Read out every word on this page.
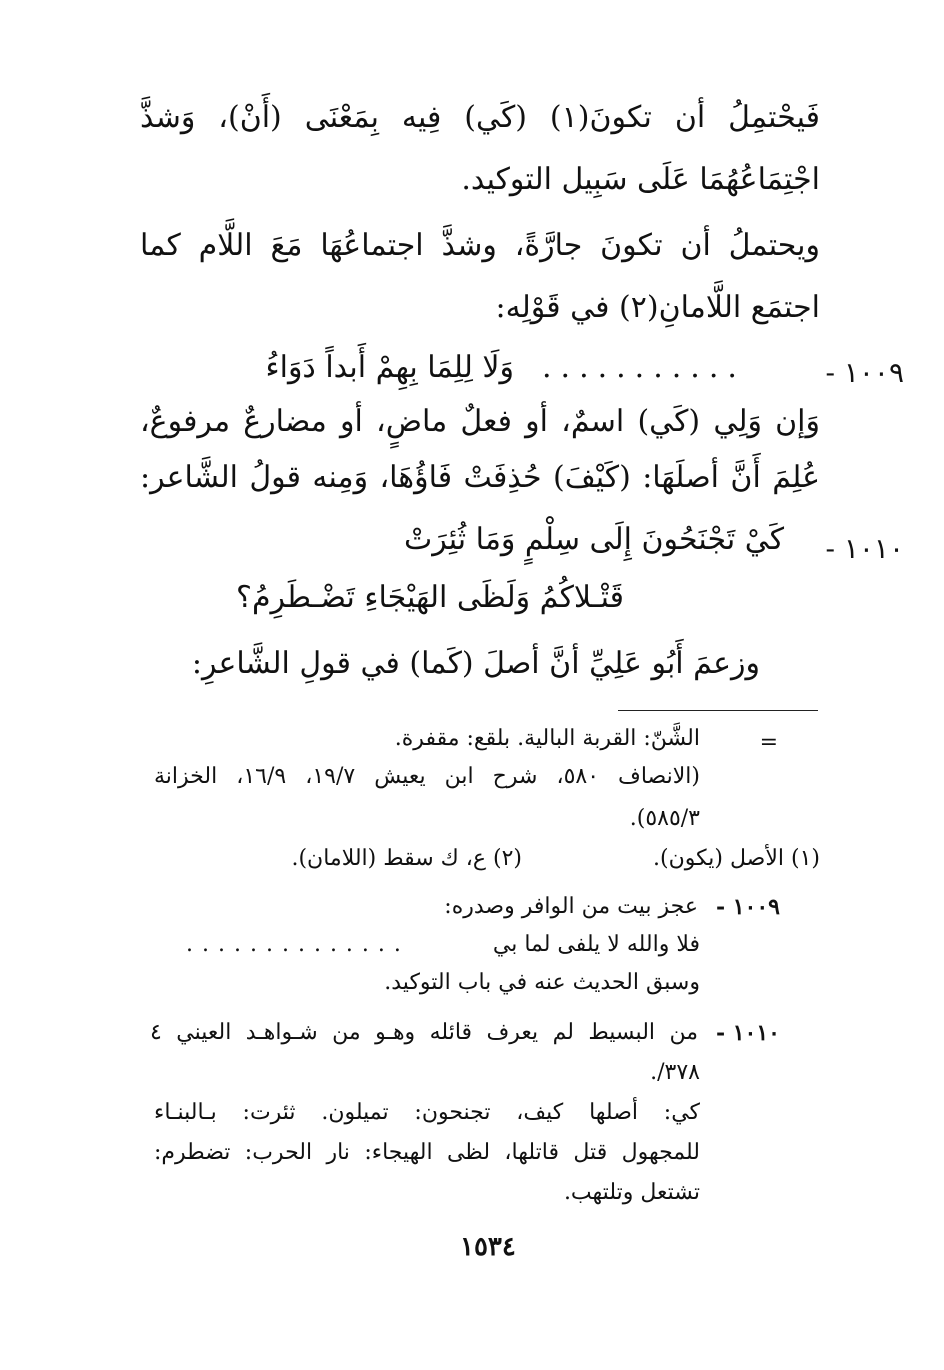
فَيحْتمِلُ أن تكونَ(١) (كَي) فِيه بِمَعْنَى (أَنْ)، وَشذَّ
اجْتِمَاعُهُمَا عَلَى سَبِيل التوكيد.
ويحتملُ أن تكونَ جارَّةً، وشذَّ اجتماعُهَا مَعَ اللَّام كما
اجتمَع اللَّامانِ(٢) في قَوْلِه:
١٠٠٩ -
وَلَا لِلِمَا بِهِمْ أَبداً دَوَاءُ ...........
وَإن وَلِي (كَي) اسمٌ، أو فعلٌ ماضٍ، أو مضارعٌ مرفوعٌ،
عُلِمَ أَنَّ أصلَهَا: (كَيْفَ) حُذِفَتْ فَاؤُهَا، وَمِنه قولُ الشَّاعر:
١٠١٠ -
كَيْ تَجْنَحُونَ إِلَى سِلْمٍ وَمَا ثُئِرَتْ
قَتْـلاكُمُ وَلَظَى الهَيْجَاءِ تَضْـطَرِمُ؟
وزعمَ أَبُو عَلِيِّ أنَّ أصلَ (كَما) في قولِ الشَّاعرِ:
=
الشَّنّ: القربة البالية. بلقع: مقفرة.
(الانصاف ٥٨٠، شرح ابن يعيش ١٩/٧، ١٦/٩، الخزانة
٥٨٥/٣).
(١) الأصل (يكون).
(٢) ع، ك سقط (اللامان).
١٠٠٩ -
عجز بيت من الوافر وصدره:
فلا والله لا يلفى لما بي
..............
وسبق الحديث عنه في باب التوكيد.
١٠١٠ -
من البسيط لم يعرف قائله وهـو من شـواهـد العيني ٤
٣٧٨/.
كي: أصلها كيف، تجنحون: تميلون. ثئرت: بـالبنـاء
للمجهول قتل قاتلها، لظى الهيجاء: نار الحرب: تضطرم:
تشتعل وتلتهب.
١٥٣٤
